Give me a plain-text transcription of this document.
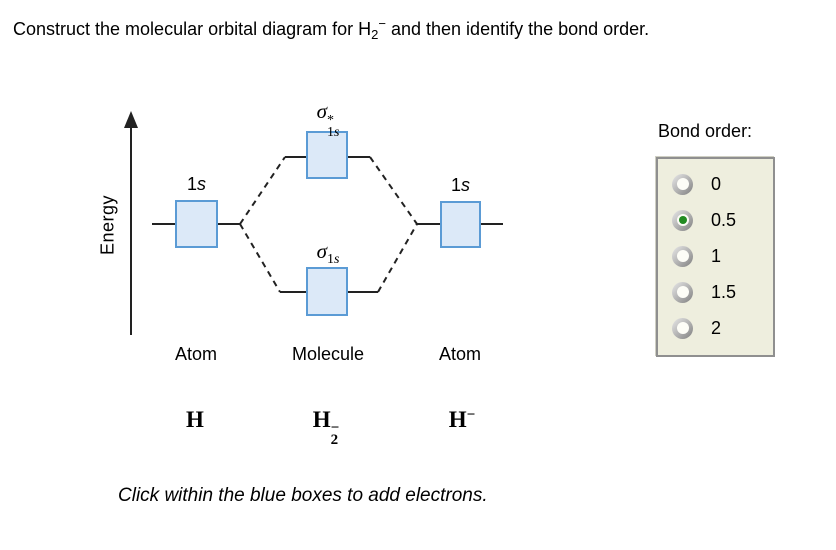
Construct the molecular orbital diagram for $H_2^-$ and then identify the bond order.
Energy
1s	1s
σ *
1s
$\sigma_{1s}$
Atom	Molecule	Atom
H	H −
2
H−
Click within the blue boxes to add electrons.
Bond order:
0
0.5
1
1.5
2
